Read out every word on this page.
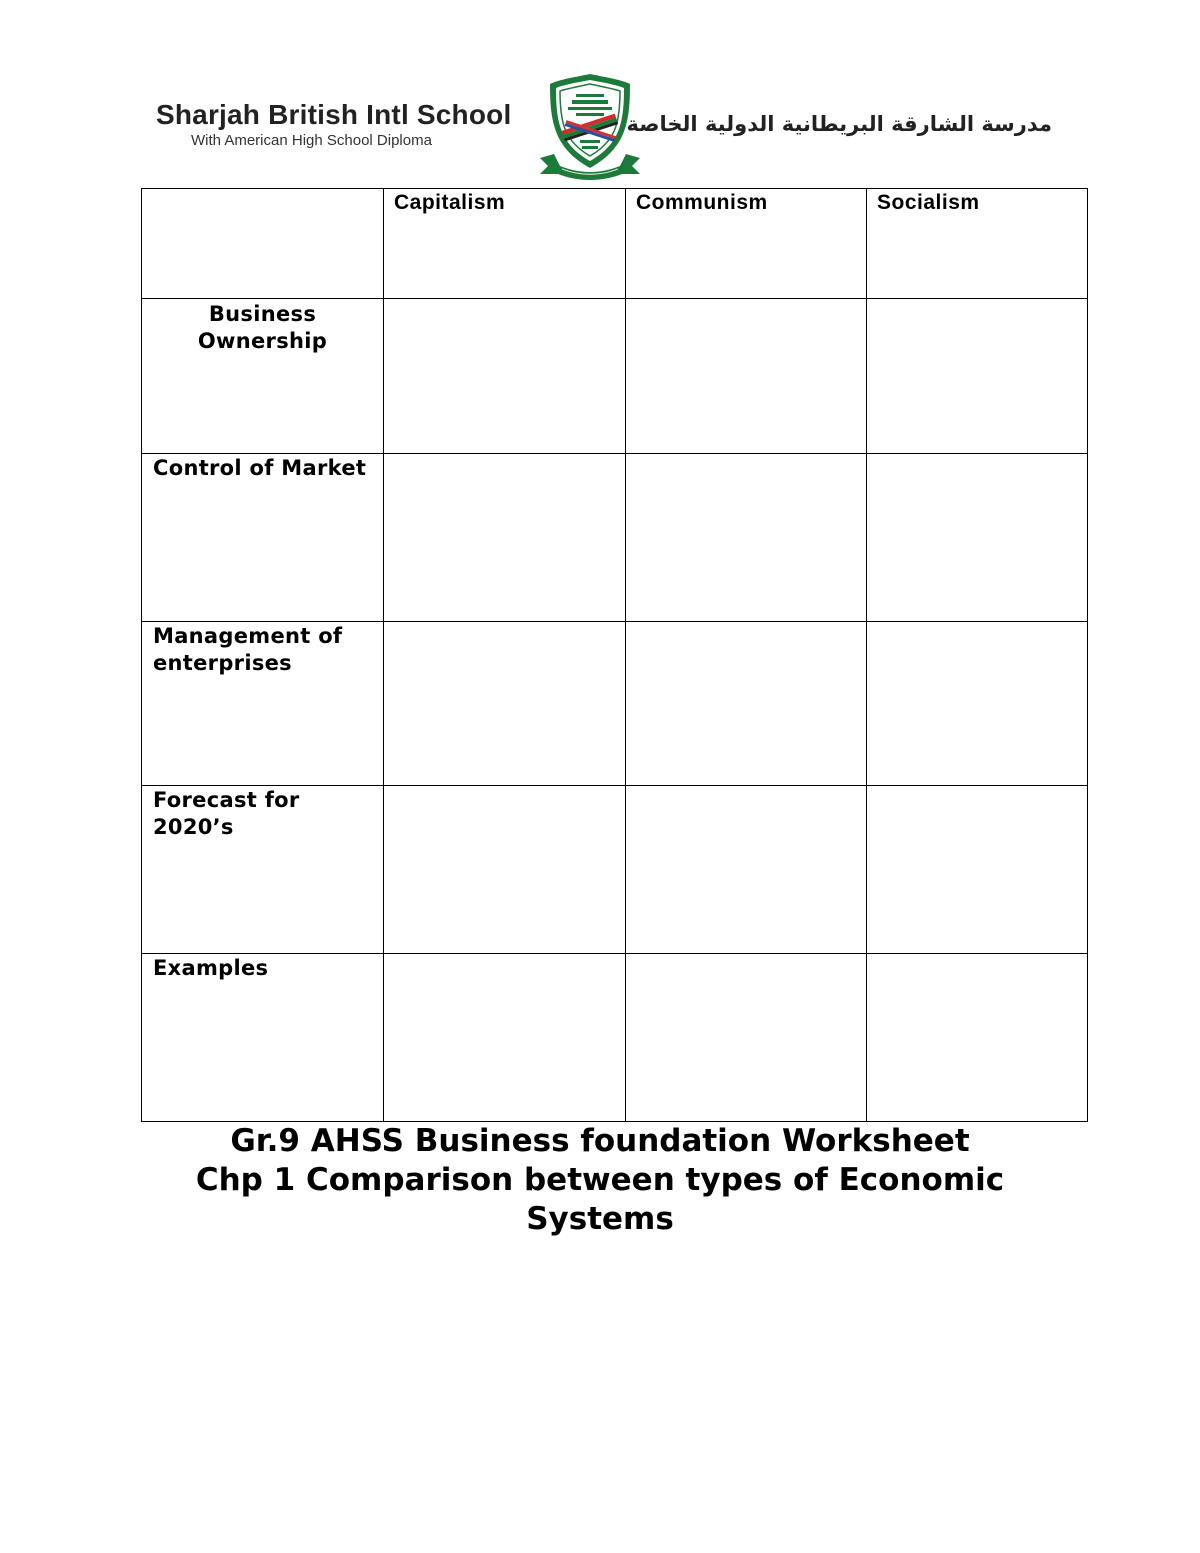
Sharjah British Intl School
With American High School Diploma
مدرسة الشارقة البريطانية الدولية الخاصة
	Capitalism	Communism	Socialism
Business Ownership			
Control of Market			
Management of enterprises			
Forecast for 2020’s			
Examples			
Gr.9 AHSS Business foundation Worksheet
Chp 1 Comparison between types of Economic Systems
